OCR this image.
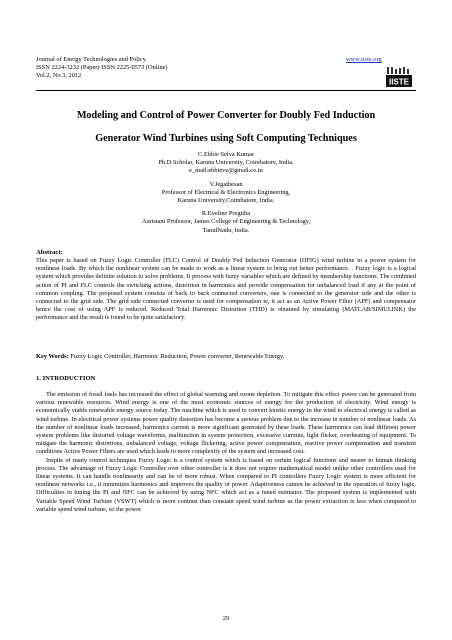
Journal of Energy Technologies and Policy
ISSN 2224-3232 (Paper) ISSN 2225-0573 (Online)
Vol.2, No.3, 2012
www.iiste.org
IISTE
Modeling and Control of Power Converter for Doubly Fed Induction
Generator Wind Turbines using Soft Computing Techniques
C.Ebbie Selva Kumar
Ph.D Scholar, Karuna University, Coimbatore, India.
e_mail:ebbieve@gmail.co.in
V.Jegathesan
Professor of Electrical & Electronics Engineering,
Karuna University,Coimbatore, India.
R.Eveline Pregitha
Assistant Professor, James College of Engineering & Technology,
TamilNadu, India.
Abstract:
This paper is based on Fuzzy Logic Controller (FLC) Control of Doubly Fed Induction Generator (DFIG) wind turbine in a power system for nonlinear loads. By which the nonlinear system can be made to work as a linear system to bring out better performance. . Fuzzy logic is a logical system which provides definite solution to solve problems. It process with fuzzy variables which are defined by membership functions. The combined action of PI and FLC controls the switching actions, distortion in harmonics and provide compensation for unbalanced load if any at the point of common coupling. The proposed system consists of back to back connected converters, one is connected to the generator side and the other is connected to the grid side. The grid side connected converter is used for compensation ie, it act as an Active Power Filter (APF) and compensator hence the cost of using APF is reduced. Reduced Total Harmonic Distortion (THD) is obtained by simulating (MATLAB/SIMULINK) the performance and the result is found to be quite satisfactory.
Key Words: Fuzzy Logic Controller, Harmonic Reduction, Power converter, Renewable Energy.
1. INTRODUCTION

The emission of fossil fuels has increased the effect of global warming and ozone depletion. To mitigate this effect power can be generated from various renewable resources. Wind energy is one of the most economic sources of energy for the production of electricity. Wind energy is economically viable renewable energy source today. The machine which is used to convert kinetic energy in the wind to electrical energy is called as wind turbine. In electrical power systems power quality distortion has become a serious problem due to the increase in number of nonlinear loads. As the number of nonlinear loads increased, harmonics current is more significant generated by these loads. These harmonics can lead different power system problems like distorted voltage waveforms, malfunction in system protection, excessive currents, light flicker, overheating of equipment. To mitigate the harmonic distortions, unbalanced voltage, voltage flickering, active power compensation, reactive power compensation and transient conditions Active Power Filters are used which leads to more complexity of the system and increased cost.

Inspite of many control techniques Fuzzy Logic is a control system which is based on certain logical functions and nearer to human thinking process. The advantage of Fuzzy Logic Controller over other controller is it does not require mathematical model unlike other controllers used for linear systems. It can handle nonlinearity and can be of more robust. When compared to PI controllers Fuzzy Logic system is more efficient for nonlinear networks i.e., it minimizes harmonics and improves the quality of power. Adaptiveness cannot be achieved in the operation of fuzzy logic. Difficulties in tuning the PI and NFC can be achieved by using NFC which act as a tuned estimator. The proposed system is implemented with Variable Speed Wind Turbine (VSWT) which is more contrast than constant speed wind turbine as the power extraction is less when compared to variable speed wind turbine, so the power

29
